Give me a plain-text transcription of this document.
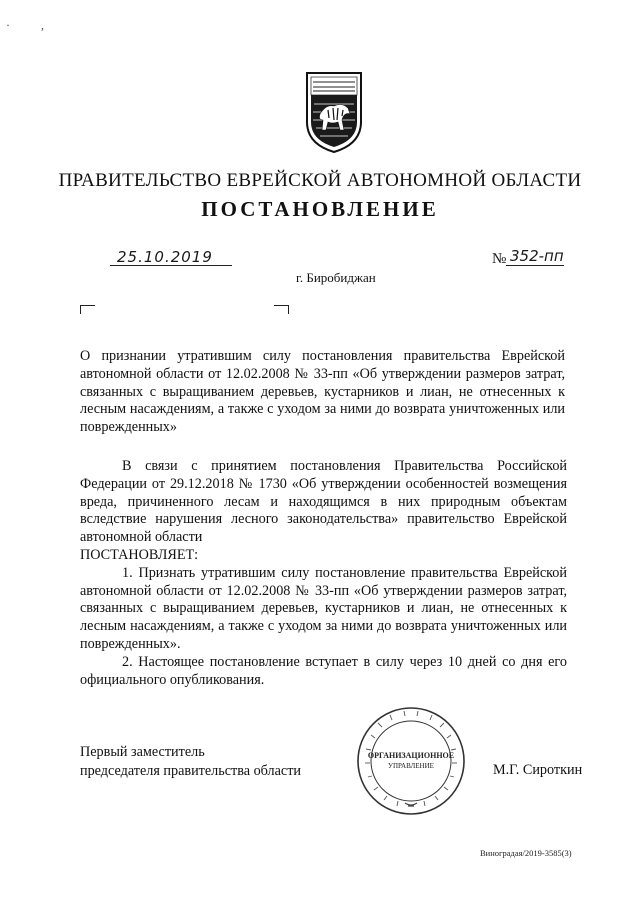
· ,
ПРАВИТЕЛЬСТВО ЕВРЕЙСКОЙ АВТОНОМНОЙ ОБЛАСТИ
ПОСТАНОВЛЕНИЕ
25.10.2019	№ 352-пп
г. Биробиджан
О признании утратившим силу постановления правительства Еврейской автономной области от 12.02.2008 № 33-пп «Об утверждении размеров затрат, связанных с выращиванием деревьев, кустарников и лиан, не отнесенных к лесным насаждениям, а также с уходом за ними до возврата уничтоженных или поврежденных»

В связи с принятием постановления Правительства Российской Федерации от 29.12.2018 № 1730 «Об утверждении особенностей возмещения вреда, причиненного лесам и находящимся в них природным объектам вследствие нарушения лесного законодательства» правительство Еврейской автономной области

ПОСТАНОВЛЯЕТ:

1. Признать утратившим силу постановление правительства Еврейской автономной области от 12.02.2008 № 33-пп «Об утверждении размеров затрат, связанных с выращиванием деревьев, кустарников и лиан, не отнесенных к лесным насаждениям, а также с уходом за ними до возврата уничтоженных или поврежденных».

2. Настоящее постановление вступает в силу через 10 дней со дня его официального опубликования.

Первый заместитель
председателя правительства области
ОРГАНИЗАЦИОННОЕ
УПРАВЛЕНИЕ	М.Г. Сироткин
Виноградая/2019-3585(3)
